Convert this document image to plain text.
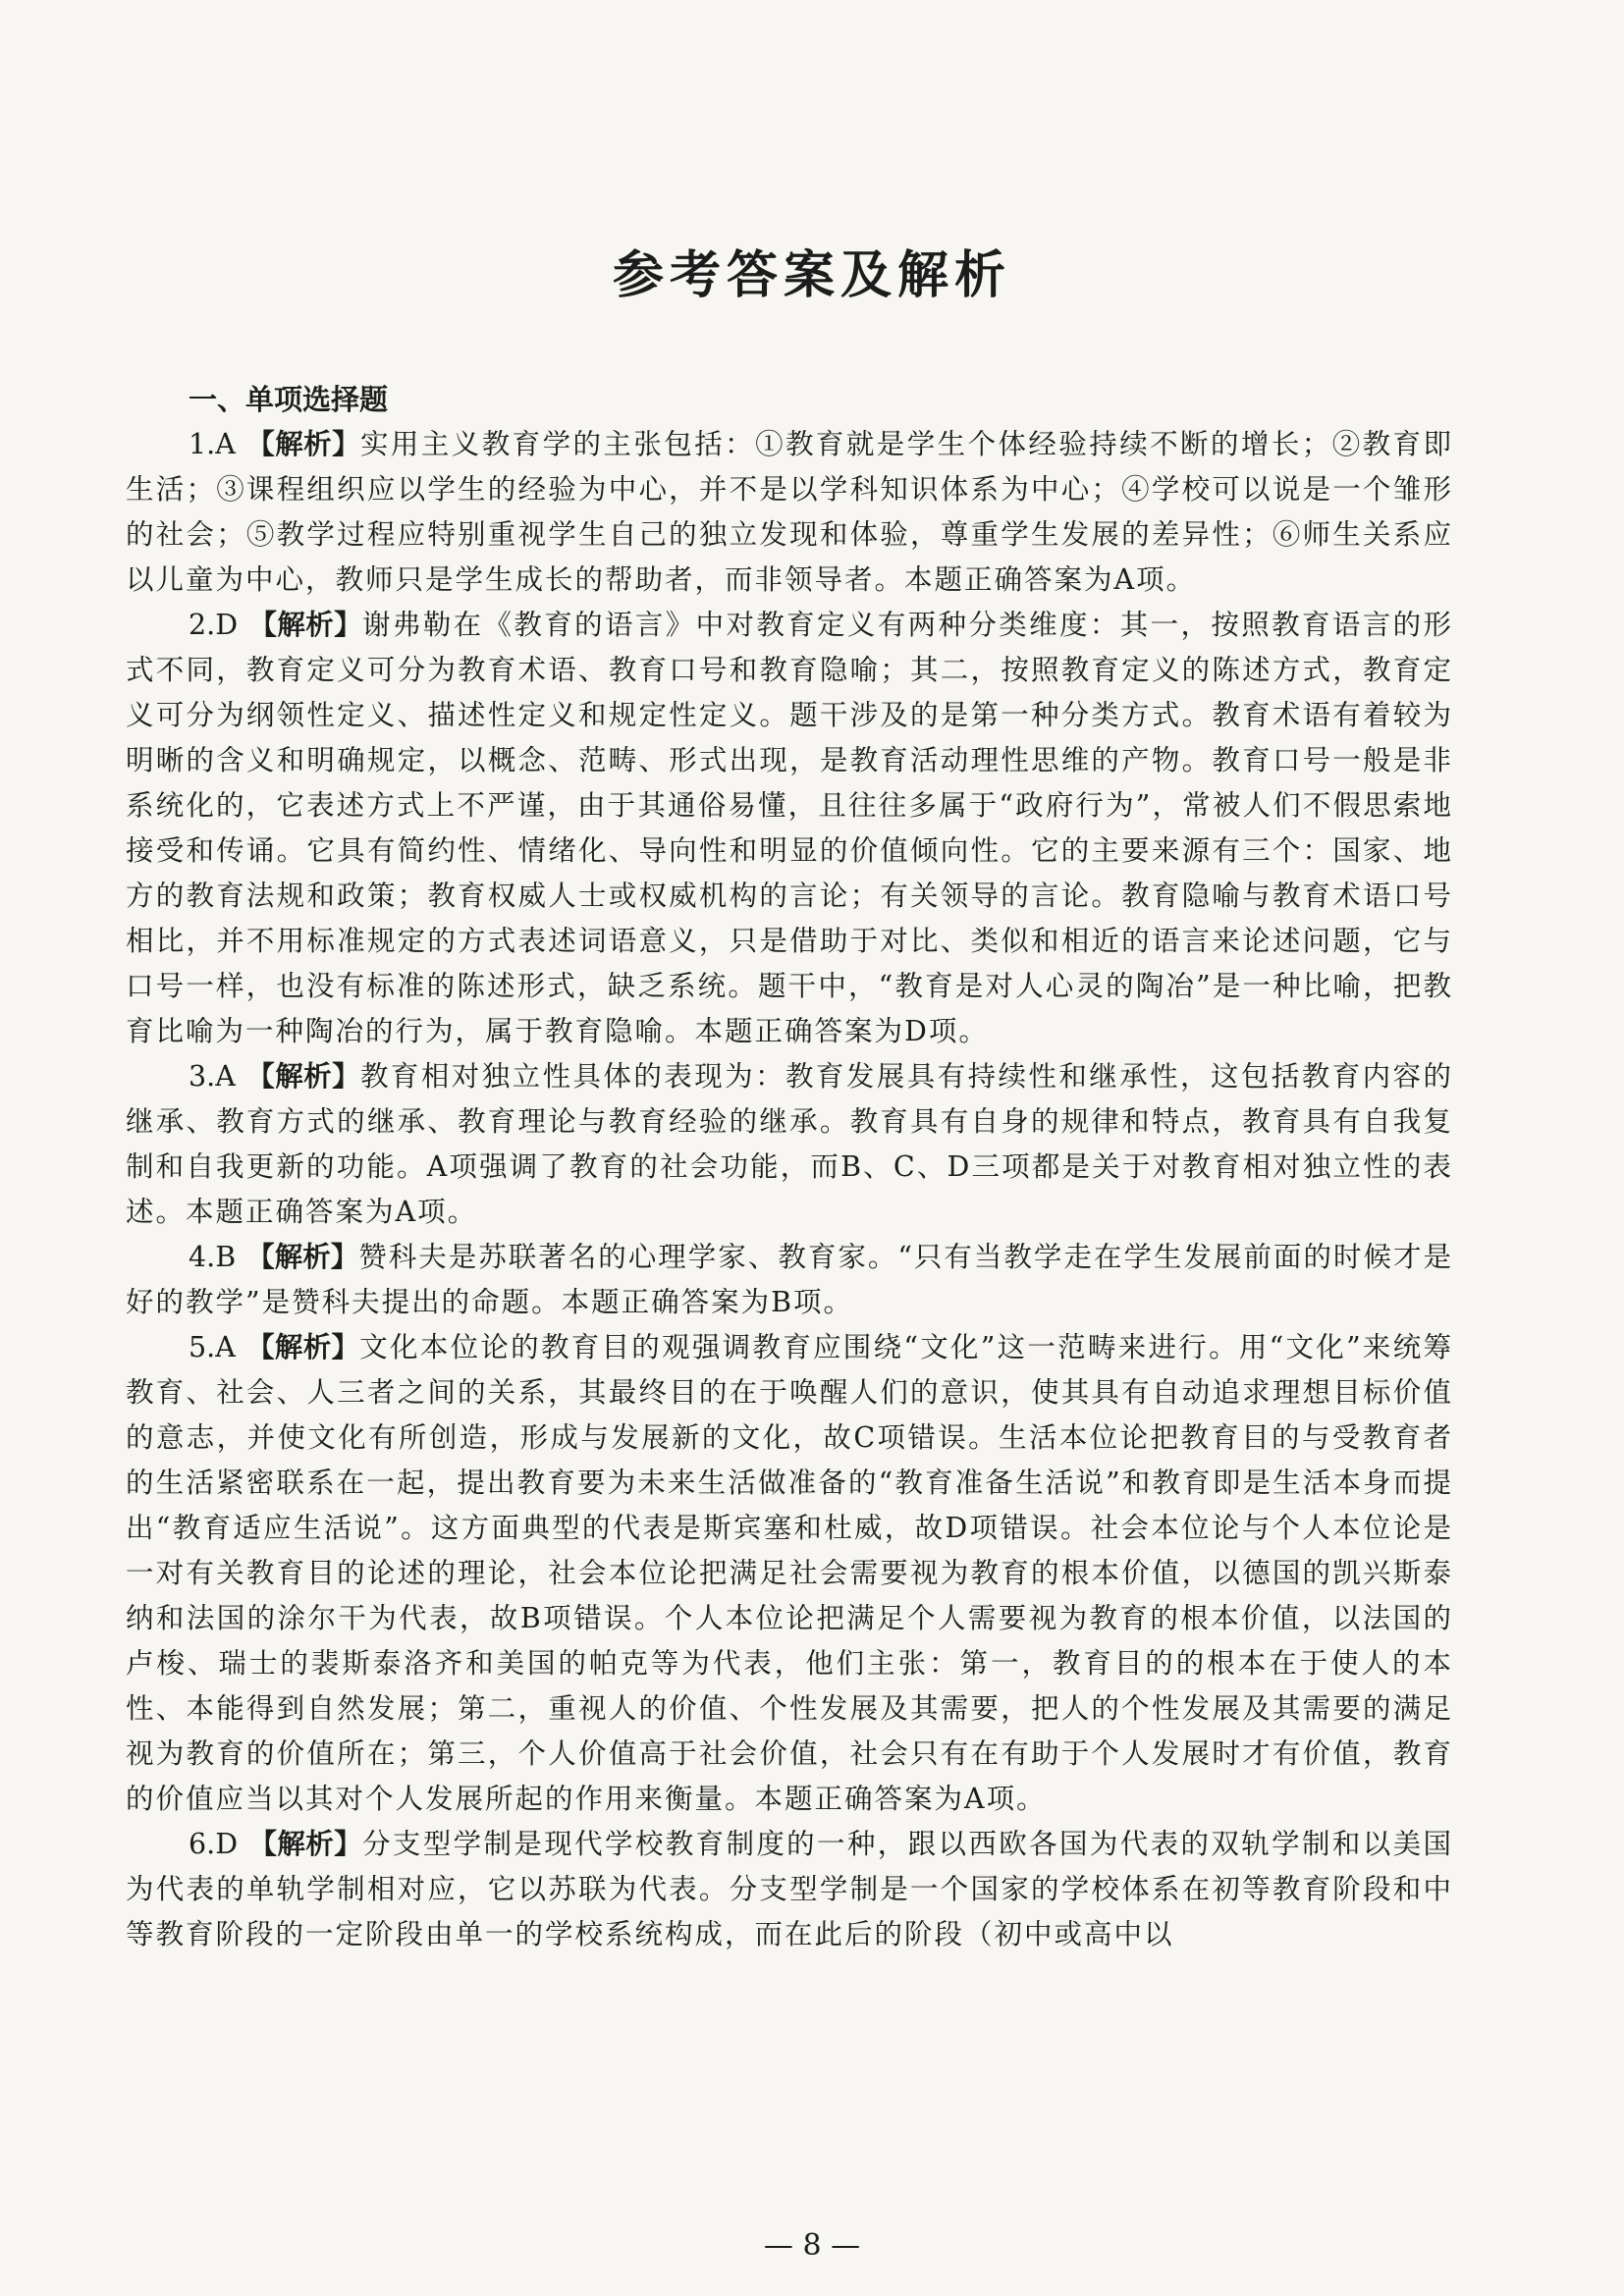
参考答案及解析

一、单项选择题

1.A 【解析】实用主义教育学的主张包括：①教育就是学生个体经验持续不断的增长；②教育即生活；③课程组织应以学生的经验为中心，并不是以学科知识体系为中心；④学校可以说是一个雏形的社会；⑤教学过程应特别重视学生自己的独立发现和体验，尊重学生发展的差异性；⑥师生关系应以儿童为中心，教师只是学生成长的帮助者，而非领导者。本题正确答案为A项。

2.D 【解析】谢弗勒在《教育的语言》中对教育定义有两种分类维度：其一，按照教育语言的形式不同，教育定义可分为教育术语、教育口号和教育隐喻；其二，按照教育定义的陈述方式，教育定义可分为纲领性定义、描述性定义和规定性定义。题干涉及的是第一种分类方式。教育术语有着较为明晰的含义和明确规定，以概念、范畴、形式出现，是教育活动理性思维的产物。教育口号一般是非系统化的，它表述方式上不严谨，由于其通俗易懂，且往往多属于“政府行为”，常被人们不假思索地接受和传诵。它具有简约性、情绪化、导向性和明显的价值倾向性。它的主要来源有三个：国家、地方的教育法规和政策；教育权威人士或权威机构的言论；有关领导的言论。教育隐喻与教育术语口号相比，并不用标准规定的方式表述词语意义，只是借助于对比、类似和相近的语言来论述问题，它与口号一样，也没有标准的陈述形式，缺乏系统。题干中，“教育是对人心灵的陶冶”是一种比喻，把教育比喻为一种陶冶的行为，属于教育隐喻。本题正确答案为D项。

3.A 【解析】教育相对独立性具体的表现为：教育发展具有持续性和继承性，这包括教育内容的继承、教育方式的继承、教育理论与教育经验的继承。教育具有自身的规律和特点，教育具有自我复制和自我更新的功能。A项强调了教育的社会功能，而B、C、D三项都是关于对教育相对独立性的表述。本题正确答案为A项。

4.B 【解析】赞科夫是苏联著名的心理学家、教育家。“只有当教学走在学生发展前面的时候才是好的教学”是赞科夫提出的命题。本题正确答案为B项。

5.A 【解析】文化本位论的教育目的观强调教育应围绕“文化”这一范畴来进行。用“文化”来统筹教育、社会、人三者之间的关系，其最终目的在于唤醒人们的意识，使其具有自动追求理想目标价值的意志，并使文化有所创造，形成与发展新的文化，故C项错误。生活本位论把教育目的与受教育者的生活紧密联系在一起，提出教育要为未来生活做准备的“教育准备生活说”和教育即是生活本身而提出“教育适应生活说”。这方面典型的代表是斯宾塞和杜威，故D项错误。社会本位论与个人本位论是一对有关教育目的论述的理论，社会本位论把满足社会需要视为教育的根本价值，以德国的凯兴斯泰纳和法国的涂尔干为代表，故B项错误。个人本位论把满足个人需要视为教育的根本价值，以法国的卢梭、瑞士的裴斯泰洛齐和美国的帕克等为代表，他们主张：第一，教育目的的根本在于使人的本性、本能得到自然发展；第二，重视人的价值、个性发展及其需要，把人的个性发展及其需要的满足视为教育的价值所在；第三，个人价值高于社会价值，社会只有在有助于个人发展时才有价值，教育的价值应当以其对个人发展所起的作用来衡量。本题正确答案为A项。

6.D 【解析】分支型学制是现代学校教育制度的一种，跟以西欧各国为代表的双轨学制和以美国为代表的单轨学制相对应，它以苏联为代表。分支型学制是一个国家的学校体系在初等教育阶段和中等教育阶段的一定阶段由单一的学校系统构成，而在此后的阶段（初中或高中以

— 8 —
